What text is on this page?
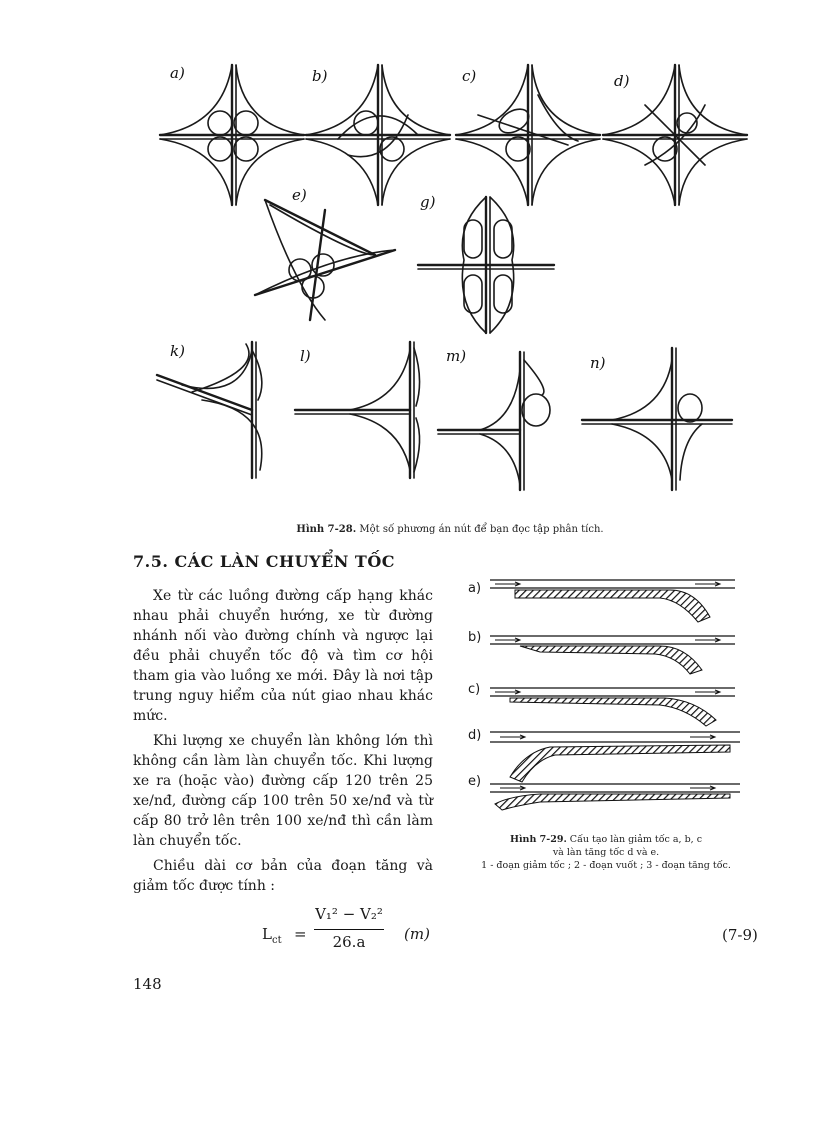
a)	b)	c)	d)
e)	g)
k)	l)	m)	n)
Hình 7-28. Một số phương án nút để bạn đọc tập phân tích.
7.5. CÁC LÀN CHUYỂN TỐC
Xe từ các luồng đường cấp hạng khác nhau phải chuyển hướng, xe từ đường nhánh nối vào đường chính và ngược lại đều phải chuyển tốc độ và tìm cơ hội tham gia vào luồng xe mới. Đây là nơi tập trung nguy hiểm của nút giao nhau khác mức.
Khi lượng xe chuyển làn không lớn thì không cần làm làn chuyển tốc. Khi lượng xe ra (hoặc vào) đường cấp 120 trên 25 xe/nđ, đường cấp 100 trên 50 xe/nđ và từ cấp 80 trở lên trên 100 xe/nđ thì cần làm làn chuyển tốc.
Chiều dài cơ bản của đoạn tăng và giảm tốc được tính :
$L_{ct}$ =
V₁² − V₂²
26.a	(m)	(7-9)
148
a)
b)
c)
d)
e)
Hình 7-29. Cấu tạo làn giảm tốc a, b, c
và làn tăng tốc d và e.
1 - đoạn giảm tốc ; 2 - đoạn vuốt ; 3 - đoạn tăng tốc.
